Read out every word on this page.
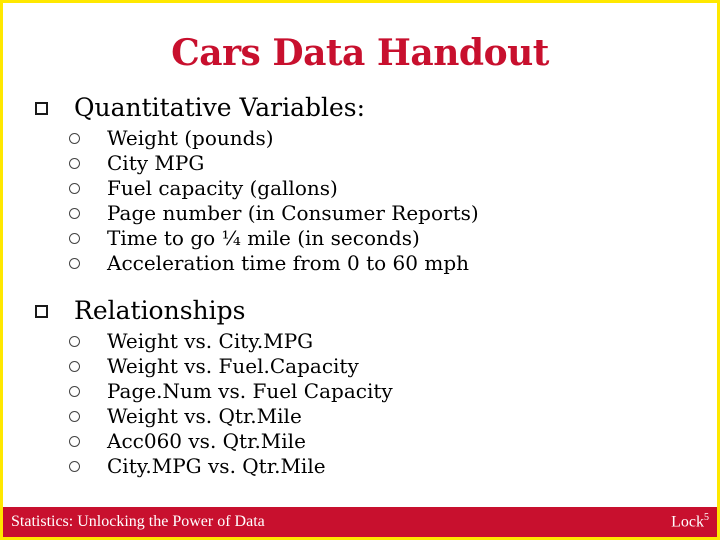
Cars Data Handout
Quantitative Variables:
Weight (pounds)
City MPG
Fuel capacity (gallons)
Page number (in Consumer Reports)
Time to go ¼ mile (in seconds)
Acceleration time from 0 to 60 mph
Relationships
Weight vs. City.MPG
Weight vs. Fuel.Capacity
Page.Num vs. Fuel Capacity
Weight vs. Qtr.Mile
Acc060 vs. Qtr.Mile
City.MPG vs. Qtr.Mile
Statistics: Unlocking the Power of Data	Lock$^5$
